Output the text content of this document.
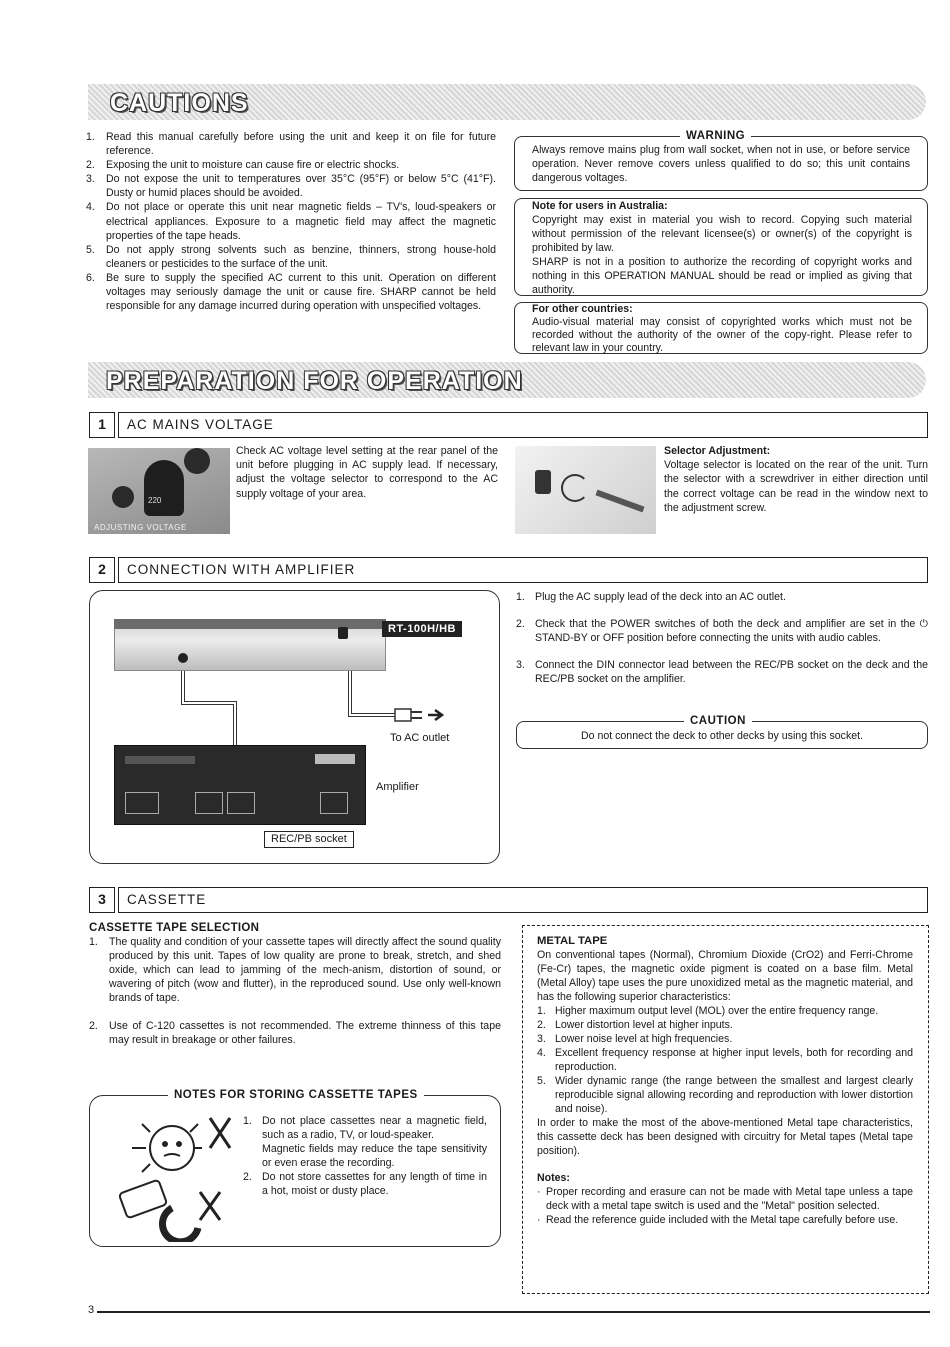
CAUTIONS
1. Read this manual carefully before using the unit and keep it on file for future reference.
2. Exposing the unit to moisture can cause fire or electric shocks.
3. Do not expose the unit to temperatures over 35°C (95°F) or below 5°C (41°F). Dusty or humid places should be avoided.
4. Do not place or operate this unit near magnetic fields – TV's, loud-speakers or electrical appliances. Exposure to a magnetic field may affect the magnetic properties of the tape heads.
5. Do not apply strong solvents such as benzine, thinners, strong house-hold cleaners or pesticides to the surface of the unit.
6. Be sure to supply the specified AC current to this unit. Operation on different voltages may seriously damage the unit or cause fire. SHARP cannot be held responsible for any damage incurred during operation with unspecified voltages.
Always remove mains plug from wall socket, when not in use, or before service operation. Never remove covers unless qualified to do so; this unit contains dangerous voltages.
WARNING
Note for users in Australia:
Copyright may exist in material you wish to record. Copying such material without permission of the relevant licensee(s) or owner(s) of the copyright is prohibited by law.
SHARP is not in a position to authorize the recording of copyright works and nothing in this OPERATION MANUAL should be read or implied as giving that authority.
For other countries:
Audio-visual material may consist of copyrighted works which must not be recorded without the authority of the owner of the copy-right. Please refer to relevant law in your country.
PREPARATION FOR OPERATION
1	AC MAINS VOLTAGE
220
ADJUSTING VOLTAGE
Check AC voltage level setting at the rear panel of the unit before plugging in AC supply lead. If necessary, adjust the voltage selector to correspond to the AC supply voltage of your area.
Selector Adjustment:
Voltage selector is located on the rear of the unit. Turn the selector with a screwdriver in either direction until the correct voltage can be read in the window next to the adjustment screw.
2	CONNECTION WITH AMPLIFIER
RT-100H/HB
To AC outlet
Amplifier
REC/PB socket
1. Plug the AC supply lead of the deck into an AC outlet.
2. Check that the POWER switches of both the deck and amplifier are set in the ⏻ STAND-BY or OFF position before connecting the units with audio cables.
3. Connect the DIN connector lead between the REC/PB socket on the deck and the REC/PB socket on the amplifier.
Do not connect the deck to other decks by using this socket.
CAUTION
3	CASSETTE
CASSETTE TAPE SELECTION
1. The quality and condition of your cassette tapes will directly affect the sound quality produced by this unit. Tapes of low quality are prone to break, stretch, and shed oxide, which can lead to jamming of the mech-anism, distortion of sound, or wavering of pitch (wow and flutter), in the reproduced sound. Use only well-known brands of tape.
2. Use of C-120 cassettes is not recommended. The extreme thinness of this tape may result in breakage or other failures.
1. Do not place cassettes near a magnetic field, such as a radio, TV, or loud-speaker.
Magnetic fields may reduce the tape sensitivity or even erase the recording.
2. Do not store cassettes for any length of time in a hot, moist or dusty place.
NOTES FOR STORING CASSETTE TAPES
METAL TAPE
On conventional tapes (Normal), Chromium Dioxide (CrO2) and Ferri-Chrome (Fe-Cr) tapes, the magnetic oxide pigment is coated on a base film. Metal (Metal Alloy) tape uses the pure unoxidized metal as the magnetic material, and has the following superior characteristics:
1. Higher maximum output level (MOL) over the entire frequency range.
2. Lower distortion level at higher inputs.
3. Lower noise level at high frequencies.
4. Excellent frequency response at higher input levels, both for recording and reproduction.
5. Wider dynamic range (the range between the smallest and largest clearly reproducible signal allowing recording and reproduction with lower distortion and noise).
In order to make the most of the above-mentioned Metal tape characteristics, this cassette deck has been designed with circuitry for Metal tapes (Metal tape position).
Notes:
· Proper recording and erasure can not be made with Metal tape unless a tape deck with a metal tape switch is used and the "Metal" position selected.
· Read the reference guide included with the Metal tape carefully before use.
3
